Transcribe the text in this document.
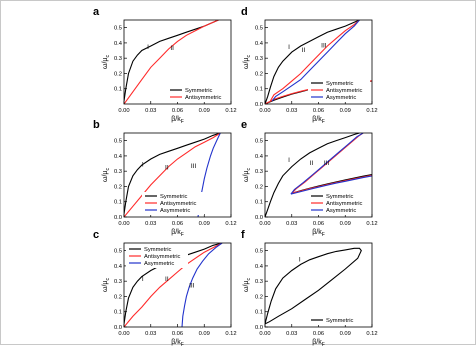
a
0.00	0.03	0.06	0.09	0.12
0.1
0.2
0.3
0.4
0.5
$\beta/k_F$
$\omega/\mu_c$
I	II
Symmetric
Antisymmetric
b
0.00	0.03	0.06	0.09	0.12
0.0
0.1
0.2
0.3
0.4
0.5
$\beta/k_F$
$\omega/\mu_c$
I	II	III
Symmetric
Antisymmetric
Asymmetric
c
0.00	0.03	0.06	0.09	0.12
0.0
0.1
0.2
0.3
0.4
0.5
$\beta/k_F$
$\omega/\mu_c$	I	II
III
Symmetric
Antisymmetric
Asymmetric
d
0.00	0.03	0.06	0.09	0.12
0.0
0.1
0.2
0.3
0.4
0.5
$\beta/k_F$
$\omega/\mu_c$
I II
III
Symmetric
Antisymmetric
Asymmetric
e
0.00	0.03	0.06	0.09	0.12
0.0
0.1
0.2
0.3
0.4
0.5
$\beta/k_F$
$\omega/\mu_c$
I	II III
Symmetric
Antisymmetric
Asymmetric
f
0.00	0.03	0.06	0.09	0.12
0.0
0.1
0.2
0.3
0.4
0.5
$\beta/k_F$
$\omega/\mu_c$
I
Symmetric
